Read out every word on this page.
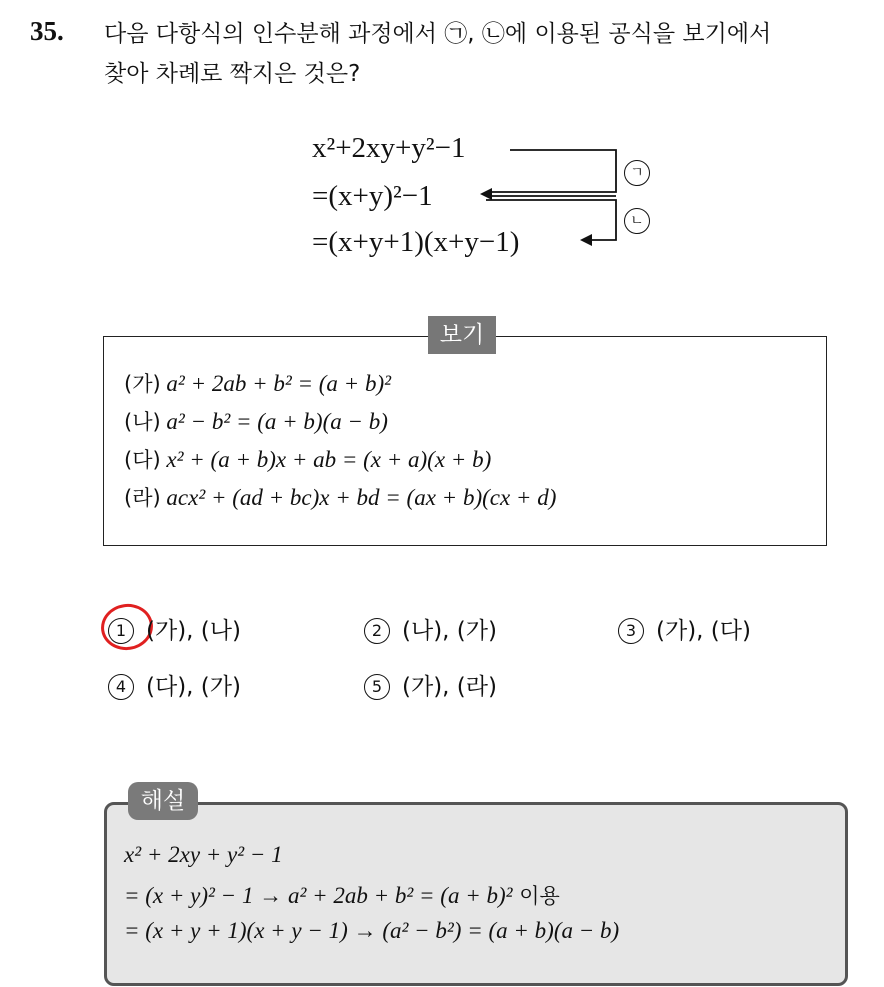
35. 다음 다항식의 인수분해 과정에서 ㉠, ㉡에 이용된 공식을 보기에서
찾아 차례로 짝지은 것은?
x²+2xy+y²−1
=(x+y)²−1
=(x+y+1)(x+y−1)
ㄱ
ㄴ
보기
(가) a² + 2ab + b² = (a + b)²
(나) a² − b² = (a + b)(a − b)
(다) x² + (a + b)x + ab = (x + a)(x + b)
(라) acx² + (ad + bc)x + bd = (ax + b)(cx + d)
1 (가), (나)	2 (나), (가)	3 (가), (다)
4 (다), (가)	5 (가), (라)
해설
x² + 2xy + y² − 1
= (x + y)² − 1 → a² + 2ab + b² = (a + b)² 이용
= (x + y + 1)(x + y − 1) → (a² − b²) = (a + b)(a − b)
